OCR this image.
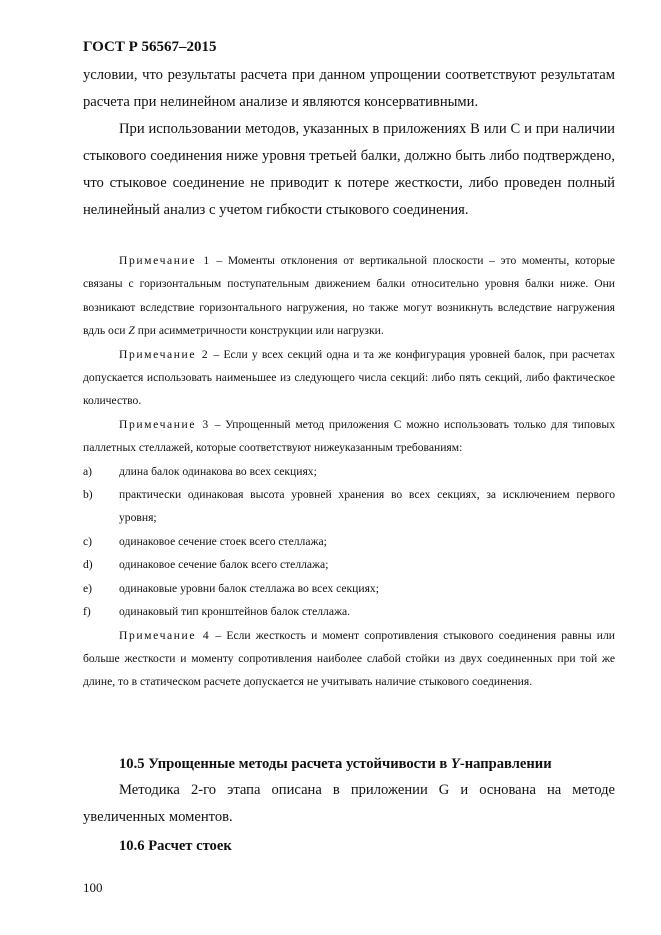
ГОСТ Р 56567–2015

условии, что результаты расчета при данном упрощении соответствуют результатам расчета при нелинейном анализе и являются консервативными.

При использовании методов, указанных в приложениях В или С и при наличии стыкового соединения ниже уровня третьей балки, должно быть либо подтверждено, что стыковое соединение не приводит к потере жесткости, либо проведен полный нелинейный анализ с учетом гибкости стыкового соединения.

Примечание 1 – Моменты отклонения от вертикальной плоскости – это моменты, которые связаны с горизонтальным поступательным движением балки относительно уровня балки ниже. Они возникают вследствие горизонтального нагружения, но также могут возникнуть вследствие нагружения вдль оси Z при асимметричности конструкции или нагрузки.

Примечание 2 – Если у всех секций одна и та же конфигурация уровней балок, при расчетах допускается использовать наименьшее из следующего числа секций: либо пять секций, либо фактическое количество.

Примечание 3 – Упрощенный метод приложения С можно использовать только для типовых паллетных стеллажей, которые соответствуют нижеуказанным требованиям:

a)	длина балок одинакова во всех секциях;
b)	практически одинаковая высота уровней хранения во всех секциях, за исключением первого уровня;
c)	одинаковое сечение стоек всего стеллажа;
d)	одинаковое сечение балок всего стеллажа;
e)	одинаковые уровни балок стеллажа во всех секциях;
f)	одинаковый тип кронштейнов балок стеллажа.

Примечание 4 – Если жесткость и момент сопротивления стыкового соединения равны или больше жесткости и моменту сопротивления наиболее слабой стойки из двух соединенных при той же длине, то в статическом расчете допускается не учитывать наличие стыкового соединения.

10.5 Упрощенные методы расчета устойчивости в Y-направлении

Методика 2-го этапа описана в приложении G и основана на методе увеличенных моментов.

10.6 Расчет стоек

100
